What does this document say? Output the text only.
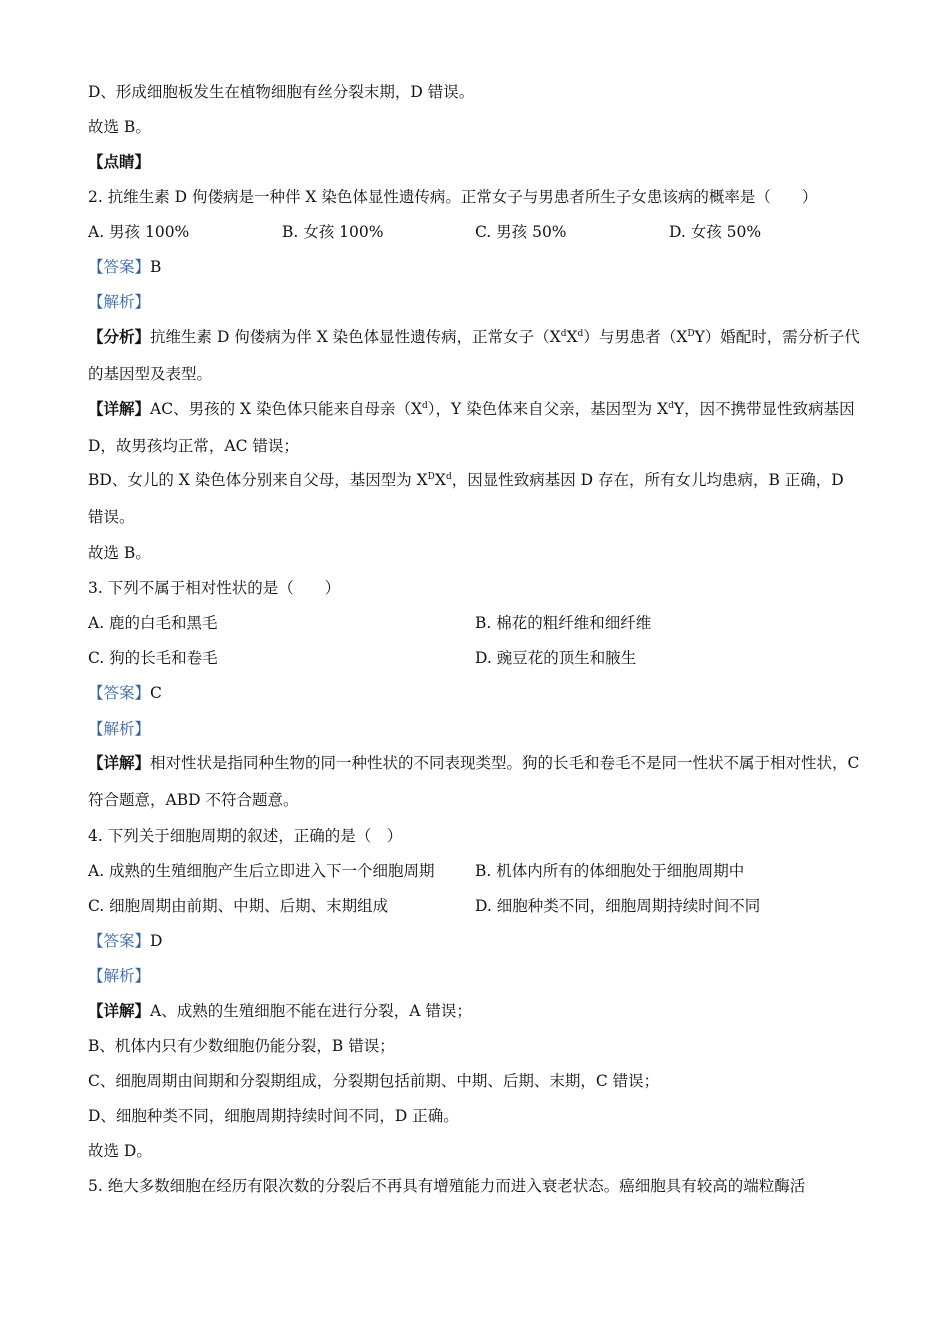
D、形成细胞板发生在植物细胞有丝分裂末期，D 错误。
故选 B。
【点睛】
2. 抗维生素 D 佝偻病是一种伴 X 染色体显性遗传病。正常女子与男患者所生子女患该病的概率是（　　）
A. 男孩 100%	B. 女孩 100%	C. 男孩 50%	D. 女孩 50%
【答案】B
【解析】
【分析】抗维生素 D 佝偻病为伴 X 染色体显性遗传病，正常女子$(X^dX^d)$与男患者$(X^DY)$婚配时，需分析子代的基因型及表型。
【详解】AC、男孩的 X 染色体只能来自母亲$(X^d)$，Y 染色体来自父亲，基因型为 $X^dY$，因不携带显性致病基因 D，故男孩均正常，AC 错误；
BD、女儿的 X 染色体分别来自父母，基因型为 $X^DX^d$，因显性致病基因 D 存在，所有女儿均患病，B 正确，D 错误。
故选 B。
3. 下列不属于相对性状的是（　　）
A. 鹿的白毛和黑毛	B. 棉花的粗纤维和细纤维
C. 狗的长毛和卷毛	D. 豌豆花的顶生和腋生
【答案】C
【解析】
【详解】相对性状是指同种生物的同一种性状的不同表现类型。狗的长毛和卷毛不是同一性状不属于相对性状，C 符合题意，ABD 不符合题意。
4. 下列关于细胞周期的叙述，正确的是（　）
A. 成熟的生殖细胞产生后立即进入下一个细胞周期	B. 机体内所有的体细胞处于细胞周期中
C. 细胞周期由前期、中期、后期、末期组成	D. 细胞种类不同，细胞周期持续时间不同
【答案】D
【解析】
【详解】A、成熟的生殖细胞不能在进行分裂，A 错误；
B、机体内只有少数细胞仍能分裂，B 错误；
C、细胞周期由间期和分裂期组成，分裂期包括前期、中期、后期、末期，C 错误；
D、细胞种类不同，细胞周期持续时间不同，D 正确。
故选 D。
5. 绝大多数细胞在经历有限次数的分裂后不再具有增殖能力而进入衰老状态。癌细胞具有较高的端粒酶活
